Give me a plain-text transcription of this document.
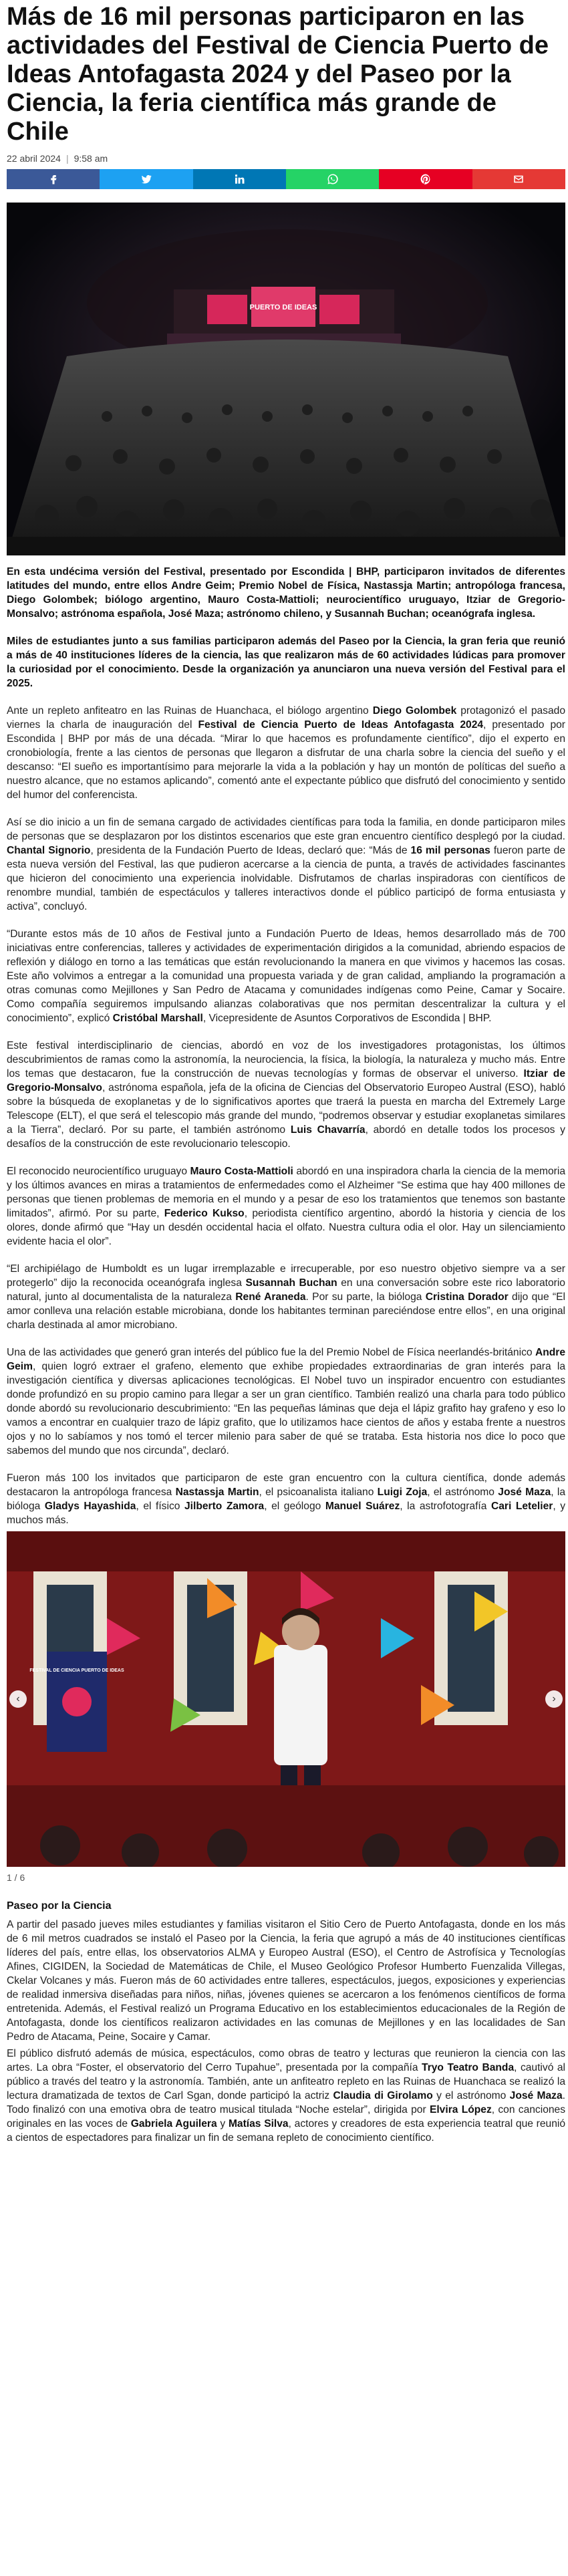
Más de 16 mil personas participaron en las actividades del Festival de Ciencia Puerto de Ideas Antofagasta 2024 y del Paseo por la Ciencia, la feria científica más grande de Chile
22 abril 2024 | 9:58 am
PUERTO DE IDEAS

En esta undécima versión del Festival, presentado por Escondida | BHP, participaron invitados de diferentes latitudes del mundo, entre ellos Andre Geim; Premio Nobel de Física, Nastassja Martin; antropóloga francesa, Diego Golombek; biólogo argentino, Mauro Costa-Mattioli; neurocientífico uruguayo, Itziar de Gregorio-Monsalvo; astrónoma española, José Maza; astrónomo chileno, y Susannah Buchan; oceanógrafa inglesa.

Miles de estudiantes junto a sus familias participaron además del Paseo por la Ciencia, la gran feria que reunió a más de 40 instituciones líderes de la ciencia, las que realizaron más de 60 actividades lúdicas para promover la curiosidad por el conocimiento. Desde la organización ya anunciaron una nueva versión del Festival para el 2025.

Ante un repleto anfiteatro en las Ruinas de Huanchaca, el biólogo argentino Diego Golombek protagonizó el pasado viernes la charla de inauguración del Festival de Ciencia Puerto de Ideas Antofagasta 2024, presentado por Escondida | BHP por más de una década. “Mirar lo que hacemos es profundamente científico”, dijo el experto en cronobiología, frente a las cientos de personas que llegaron a disfrutar de una charla sobre la ciencia del sueño y el descanso: “El sueño es importantísimo para mejorarle la vida a la población y hay un montón de políticas del sueño a nuestro alcance, que no estamos aplicando”, comentó ante el expectante público que disfrutó del conocimiento y sentido del humor del conferencista.

Así se dio inicio a un fin de semana cargado de actividades científicas para toda la familia, en donde participaron miles de personas que se desplazaron por los distintos escenarios que este gran encuentro científico desplegó por la ciudad. Chantal Signorio, presidenta de la Fundación Puerto de Ideas, declaró que: “Más de 16 mil personas fueron parte de esta nueva versión del Festival, las que pudieron acercarse a la ciencia de punta, a través de actividades fascinantes que hicieron del conocimiento una experiencia inolvidable. Disfrutamos de charlas inspiradoras con científicos de renombre mundial, también de espectáculos y talleres interactivos donde el público participó de forma entusiasta y activa”, concluyó.

“Durante estos más de 10 años de Festival junto a Fundación Puerto de Ideas, hemos desarrollado más de 700 iniciativas entre conferencias, talleres y actividades de experimentación dirigidos a la comunidad, abriendo espacios de reflexión y diálogo en torno a las temáticas que están revolucionando la manera en que vivimos y hacemos las cosas. Este año volvimos a entregar a la comunidad una propuesta variada y de gran calidad, ampliando la programación a otras comunas como Mejillones y San Pedro de Atacama y comunidades indígenas como Peine, Camar y Socaire. Como compañía seguiremos impulsando alianzas colaborativas que nos permitan descentralizar la cultura y el conocimiento”, explicó Cristóbal Marshall, Vicepresidente de Asuntos Corporativos de Escondida | BHP.

Este festival interdisciplinario de ciencias, abordó en voz de los investigadores protagonistas, los últimos descubrimientos de ramas como la astronomía, la neurociencia, la física, la biología, la naturaleza y mucho más. Entre los temas que destacaron, fue la construcción de nuevas tecnologías y formas de observar el universo. Itziar de Gregorio-Monsalvo, astrónoma española, jefa de la oficina de Ciencias del Observatorio Europeo Austral (ESO), habló sobre la búsqueda de exoplanetas y de lo significativos aportes que traerá la puesta en marcha del Extremely Large Telescope (ELT), el que será el telescopio más grande del mundo, “podremos observar y estudiar exoplanetas similares a la Tierra”, declaró. Por su parte, el también astrónomo Luis Chavarría, abordó en detalle todos los procesos y desafíos de la construcción de este revolucionario telescopio.

El reconocido neurocientífico uruguayo Mauro Costa-Mattioli abordó en una inspiradora charla la ciencia de la memoria y los últimos avances en miras a tratamientos de enfermedades como el Alzheimer “Se estima que hay 400 millones de personas que tienen problemas de memoria en el mundo y a pesar de eso los tratamientos que tenemos son bastante limitados”, afirmó. Por su parte, Federico Kukso, periodista científico argentino, abordó la historia y ciencia de los olores, donde afirmó que “Hay un desdén occidental hacia el olfato. Nuestra cultura odia el olor. Hay un silenciamiento evidente hacia el olor”.

“El archipiélago de Humboldt es un lugar irremplazable e irrecuperable, por eso nuestro objetivo siempre va a ser protegerlo” dijo la reconocida oceanógrafa inglesa Susannah Buchan en una conversación sobre este rico laboratorio natural, junto al documentalista de la naturaleza René Araneda. Por su parte, la bióloga Cristina Dorador dijo que “El amor conlleva una relación estable microbiana, donde los habitantes terminan pareciéndose entre ellos”, en una original charla destinada al amor microbiano.

Una de las actividades que generó gran interés del público fue la del Premio Nobel de Física neerlandés-británico Andre Geim, quien logró extraer el grafeno, elemento que exhibe propiedades extraordinarias de gran interés para la investigación científica y diversas aplicaciones tecnológicas. El Nobel tuvo un inspirador encuentro con estudiantes donde profundizó en su propio camino para llegar a ser un gran científico. También realizó una charla para todo público donde abordó su revolucionario descubrimiento: “En las pequeñas láminas que deja el lápiz grafito hay grafeno y eso lo vamos a encontrar en cualquier trazo de lápiz grafito, que lo utilizamos hace cientos de años y estaba frente a nuestros ojos y no lo sabíamos y nos tomó el tercer milenio para saber de qué se trataba. Esta historia nos dice lo poco que sabemos del mundo que nos circunda”, declaró.

Fueron más 100 los invitados que participaron de este gran encuentro con la cultura científica, donde además destacaron la antropóloga francesa Nastassja Martin, el psicoanalista italiano Luigi Zoja, el astrónomo José Maza, la bióloga Gladys Hayashida, el físico Jilberto Zamora, el geólogo Manuel Suárez, la astrofotografía Cari Letelier, y muchos más.

FESTIVAL DE CIENCIA PUERTO DE IDEAS
‹	›
1 / 6
Paseo por la Ciencia

A partir del pasado jueves miles estudiantes y familias visitaron el Sitio Cero de Puerto Antofagasta, donde en los más de 6 mil metros cuadrados se instaló el Paseo por la Ciencia, la feria que agrupó a más de 40 instituciones científicas líderes del país, entre ellas, los observatorios ALMA y Europeo Austral (ESO), el Centro de Astrofísica y Tecnologías Afines, CIGIDEN, la Sociedad de Matemáticas de Chile, el Museo Geológico Profesor Humberto Fuenzalida Villegas, Ckelar Volcanes y más. Fueron más de 60 actividades entre talleres, espectáculos, juegos, exposiciones y experiencias de realidad inmersiva diseñadas para niños, niñas, jóvenes quienes se acercaron a los fenómenos científicos de forma entretenida. Además, el Festival realizó un Programa Educativo en los establecimientos educacionales de la Región de Antofagasta, donde los científicos realizaron actividades en las comunas de Mejillones y en las localidades de San Pedro de Atacama, Peine, Socaire y Camar.

El público disfrutó además de música, espectáculos, como obras de teatro y lecturas que reunieron la ciencia con las artes. La obra “Foster, el observatorio del Cerro Tupahue”, presentada por la compañía Tryo Teatro Banda, cautivó al público a través del teatro y la astronomía. También, ante un anfiteatro repleto en las Ruinas de Huanchaca se realizó la lectura dramatizada de textos de Carl Sgan, donde participó la actriz Claudia di Girolamo y el astrónomo José Maza. Todo finalizó con una emotiva obra de teatro musical titulada “Noche estelar”, dirigida por Elvira López, con canciones originales en las voces de Gabriela Aguilera y Matías Silva, actores y creadores de esta experiencia teatral que reunió a cientos de espectadores para finalizar un fin de semana repleto de conocimiento científico.
